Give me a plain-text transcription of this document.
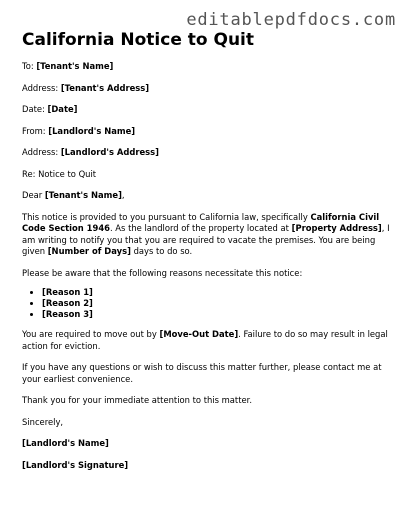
editablepdfdocs.com
California Notice to Quit

To: [Tenant's Name]

Address: [Tenant's Address]

Date: [Date]

From: [Landlord's Name]

Address: [Landlord's Address]

Re: Notice to Quit

Dear [Tenant's Name],

This notice is provided to you pursuant to California law, specifically California Civil Code Section 1946. As the landlord of the property located at [Property Address], I am writing to notify you that you are required to vacate the premises. You are being given [Number of Days] days to do so.

Please be aware that the following reasons necessitate this notice:

• [Reason 1]
• [Reason 2]
• [Reason 3]

You are required to move out by [Move-Out Date]. Failure to do so may result in legal action for eviction.

If you have any questions or wish to discuss this matter further, please contact me at your earliest convenience.

Thank you for your immediate attention to this matter.

Sincerely,

[Landlord's Name]

[Landlord's Signature]
